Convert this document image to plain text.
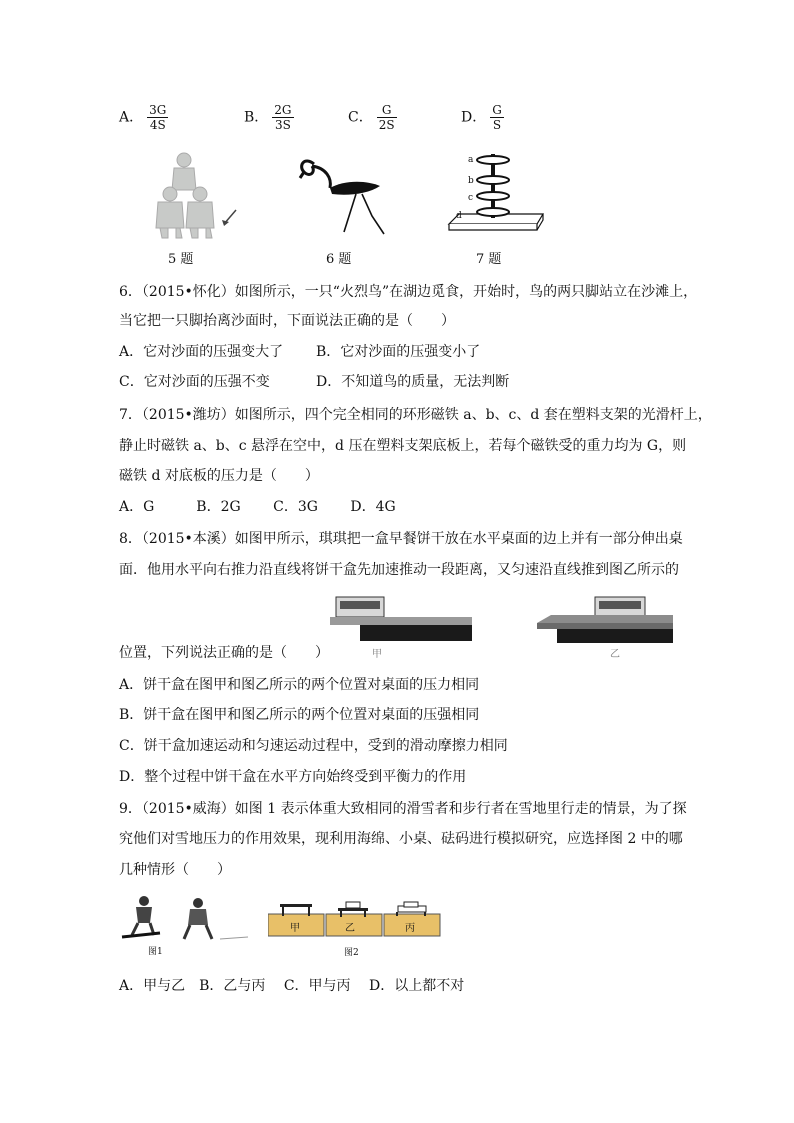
A． $\frac{3G}{4S}$	B． $\frac{2G}{3S}$	C． $\frac{G}{2S}$	D． $\frac{G}{S}$
5 题	6 题
a
b
c
d
7 题
6．（2015•怀化）如图所示，一只“火烈鸟”在湖边觅食，开始时，鸟的两只脚站立在沙滩上，
当它把一只脚抬离沙面时，下面说法正确的是（　　）
A．它对沙面的压强变大了 B．它对沙面的压强变小了
C．它对沙面的压强不变	D．不知道鸟的质量，无法判断
7．（2015•潍坊）如图所示，四个完全相同的环形磁铁 a、b、c、d 套在塑料支架的光滑杆上，
静止时磁铁 a、b、c 悬浮在空中，d 压在塑料支架底板上，若每个磁铁受的重力均为 G，则
磁铁 d 对底板的压力是（　　）
A．G　　　B．2G　　 C．3G　　 D．4G
8．（2015•本溪）如图甲所示，琪琪把一盒早餐饼干放在水平桌面的边上并有一部分伸出桌
面．他用水平向右推力沿直线将饼干盒先加速推动一段距离，又匀速沿直线推到图乙所示的
甲	乙
位置，下列说法正确的是（　　）
A．饼干盒在图甲和图乙所示的两个位置对桌面的压力相同
B．饼干盒在图甲和图乙所示的两个位置对桌面的压强相同
C．饼干盒加速运动和匀速运动过程中，受到的滑动摩擦力相同
D．整个过程中饼干盒在水平方向始终受到平衡力的作用
9．（2015•威海）如图 1 表示体重大致相同的滑雪者和步行者在雪地里行走的情景，为了探
究他们对雪地压力的作用效果，现利用海绵、小桌、砝码进行模拟研究，应选择图 2 中的哪
几种情形（　　）
图1
甲	乙	丙
图2
A．甲与乙　B．乙与丙　 C．甲与丙　 D．以上都不对
